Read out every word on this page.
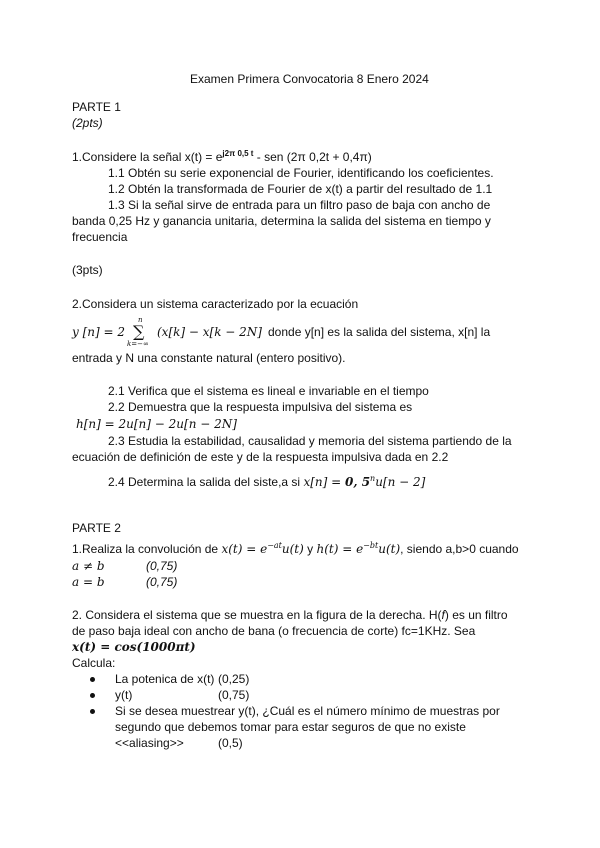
Examen Primera Convocatoria 8 Enero 2024
PARTE 1
(2pts)
1.Considere la señal $x(t) = e^{j2\pi 0,5 t}$ - sen (2π 0,2t + 0,4π)
1.1 Obtén su serie exponencial de Fourier, identificando los coeficientes.
1.2 Obtén la transformada de Fourier de x(t) a partir del resultado de 1.1
1.3 Si la señal sirve de entrada para un filtro paso de baja con ancho de
banda 0,25 Hz y ganancia unitaria, determina la salida del sistema en tiempo y
frecuencia
(3pts)
2.Considera un sistema caracterizado por la ecuación
y [n] = 2
n
∑
k=−∞
(x[k] − x[k − 2N] donde y[n] es la salida del sistema, x[n] la
entrada y N una constante natural (entero positivo).
2.1 Verifica que el sistema es lineal e invariable en el tiempo
2.2 Demuestra que la respuesta impulsiva del sistema es
h[n] = 2u[n] − 2u[n − 2N]
2.3 Estudia la estabilidad, causalidad y memoria del sistema partiendo de la
ecuación de definición de este y de la respuesta impulsiva dada en 2.2
2.4 Determina la salida del siste,a si x[n] = 0, $5^nu[n - 2]$
PARTE 2
1.Realiza la convolución de $x(t) = e^{-at}u(t)$ y $h(t) = e^{-bt}u(t)$, siendo a,b>0 cuando
a ≠ b	(0,75)
a = b	(0,75)
2. Considera el sistema que se muestra en la figura de la derecha. H(f) es un filtro
de paso baja ideal con ancho de bana (o frecuencia de corte) fc=1KHz. Sea
x(t) = cos(1000πt)
Calcula:
La potenica de x(t) (0,25)
y(t)	(0,75)
Si se desea muestrear y(t), ¿Cuál es el número mínimo de muestras por
segundo que debemos tomar para estar seguros de que no existe
<<aliasing>>	(0,5)
